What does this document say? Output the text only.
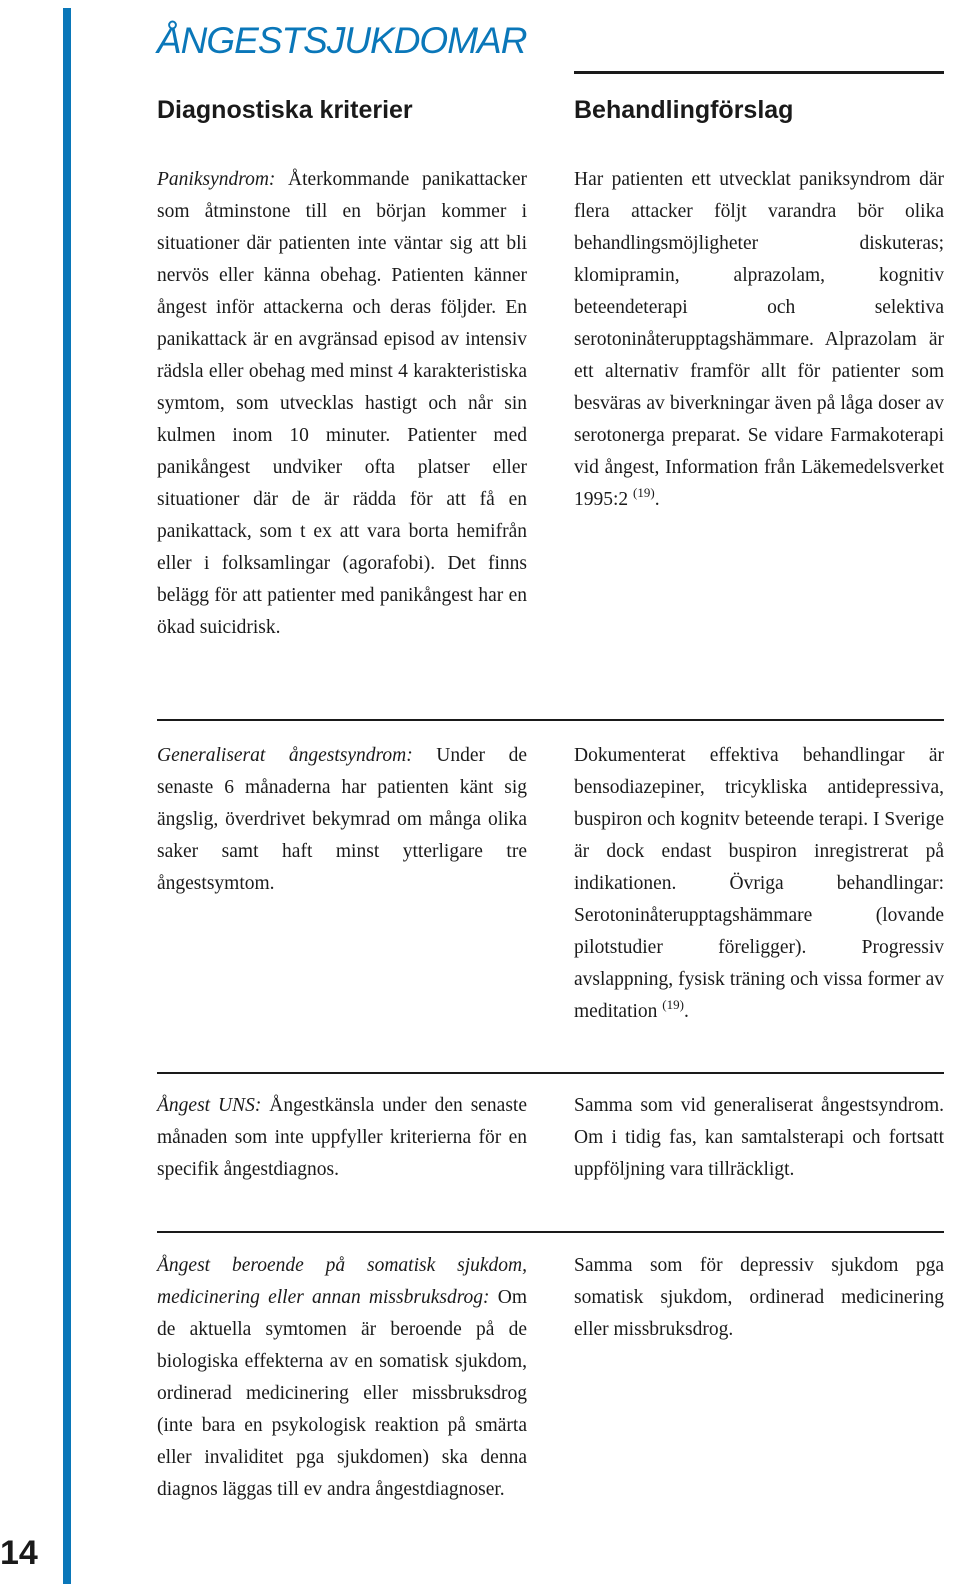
ÅNGESTSJUKDOMAR
Diagnostiska kriterier	Behandlingförslag

Paniksyndrom: Återkommande panikattacker som åtminstone till en början kommer i situationer där patienten inte väntar sig att bli nervös eller känna obehag. Patienten känner ångest inför attackerna och deras följder. En panikattack är en avgränsad episod av intensiv rädsla eller obehag med minst 4 karakteristiska symtom, som utvecklas hastigt och når sin kulmen inom 10 minuter. Patienter med panikångest undviker ofta platser eller situationer där de är rädda för att få en panikattack, som t ex att vara borta hemifrån eller i folksamlingar (agorafobi). Det finns belägg för att patienter med panikångest har en ökad suicidrisk.

Har patienten ett utvecklat paniksyndrom där flera attacker följt varandra bör olika behandlingsmöjligheter diskuteras; klomipramin, alprazolam, kognitiv beteendeterapi och selektiva serotoninåterupptagshämmare. Alprazolam är ett alternativ framför allt för patienter som besväras av biverkningar även på låga doser av serotonerga preparat. Se vidare Farmakoterapi vid ångest, Information från Läkemedelsverket 1995:2 $^{(19)}$.

Generaliserat ångestsyndrom: Under de senaste 6 månaderna har patienten känt sig ängslig, överdrivet bekymrad om många olika saker samt haft minst ytterligare tre ångestsymtom.

Dokumenterat effektiva behandlingar är bensodiazepiner, tricykliska antidepressiva, buspiron och kognitv beteende terapi. I Sverige är dock endast buspiron inregistrerat på indikationen. Övriga behandlingar: Serotoninåterupptagshämmare (lovande pilotstudier föreligger). Progressiv avslappning, fysisk träning och vissa former av meditation $^{(19)}$.

Ångest UNS: Ångestkänsla under den senaste månaden som inte uppfyller kriterierna för en specifik ångestdiagnos.

Samma som vid generaliserat ångestsyndrom. Om i tidig fas, kan samtalsterapi och fortsatt uppföljning vara tillräckligt.

Ångest beroende på somatisk sjukdom, medicinering eller annan missbruksdrog: Om de aktuella symtomen är beroende på de biologiska effekterna av en somatisk sjukdom, ordinerad medicinering eller missbruksdrog (inte bara en psykologisk reaktion på smärta eller invaliditet pga sjukdomen) ska denna diagnos läggas till ev andra ångestdiagnoser.

Samma som för depressiv sjukdom pga somatisk sjukdom, ordinerad medicinering eller missbruksdrog.

14
